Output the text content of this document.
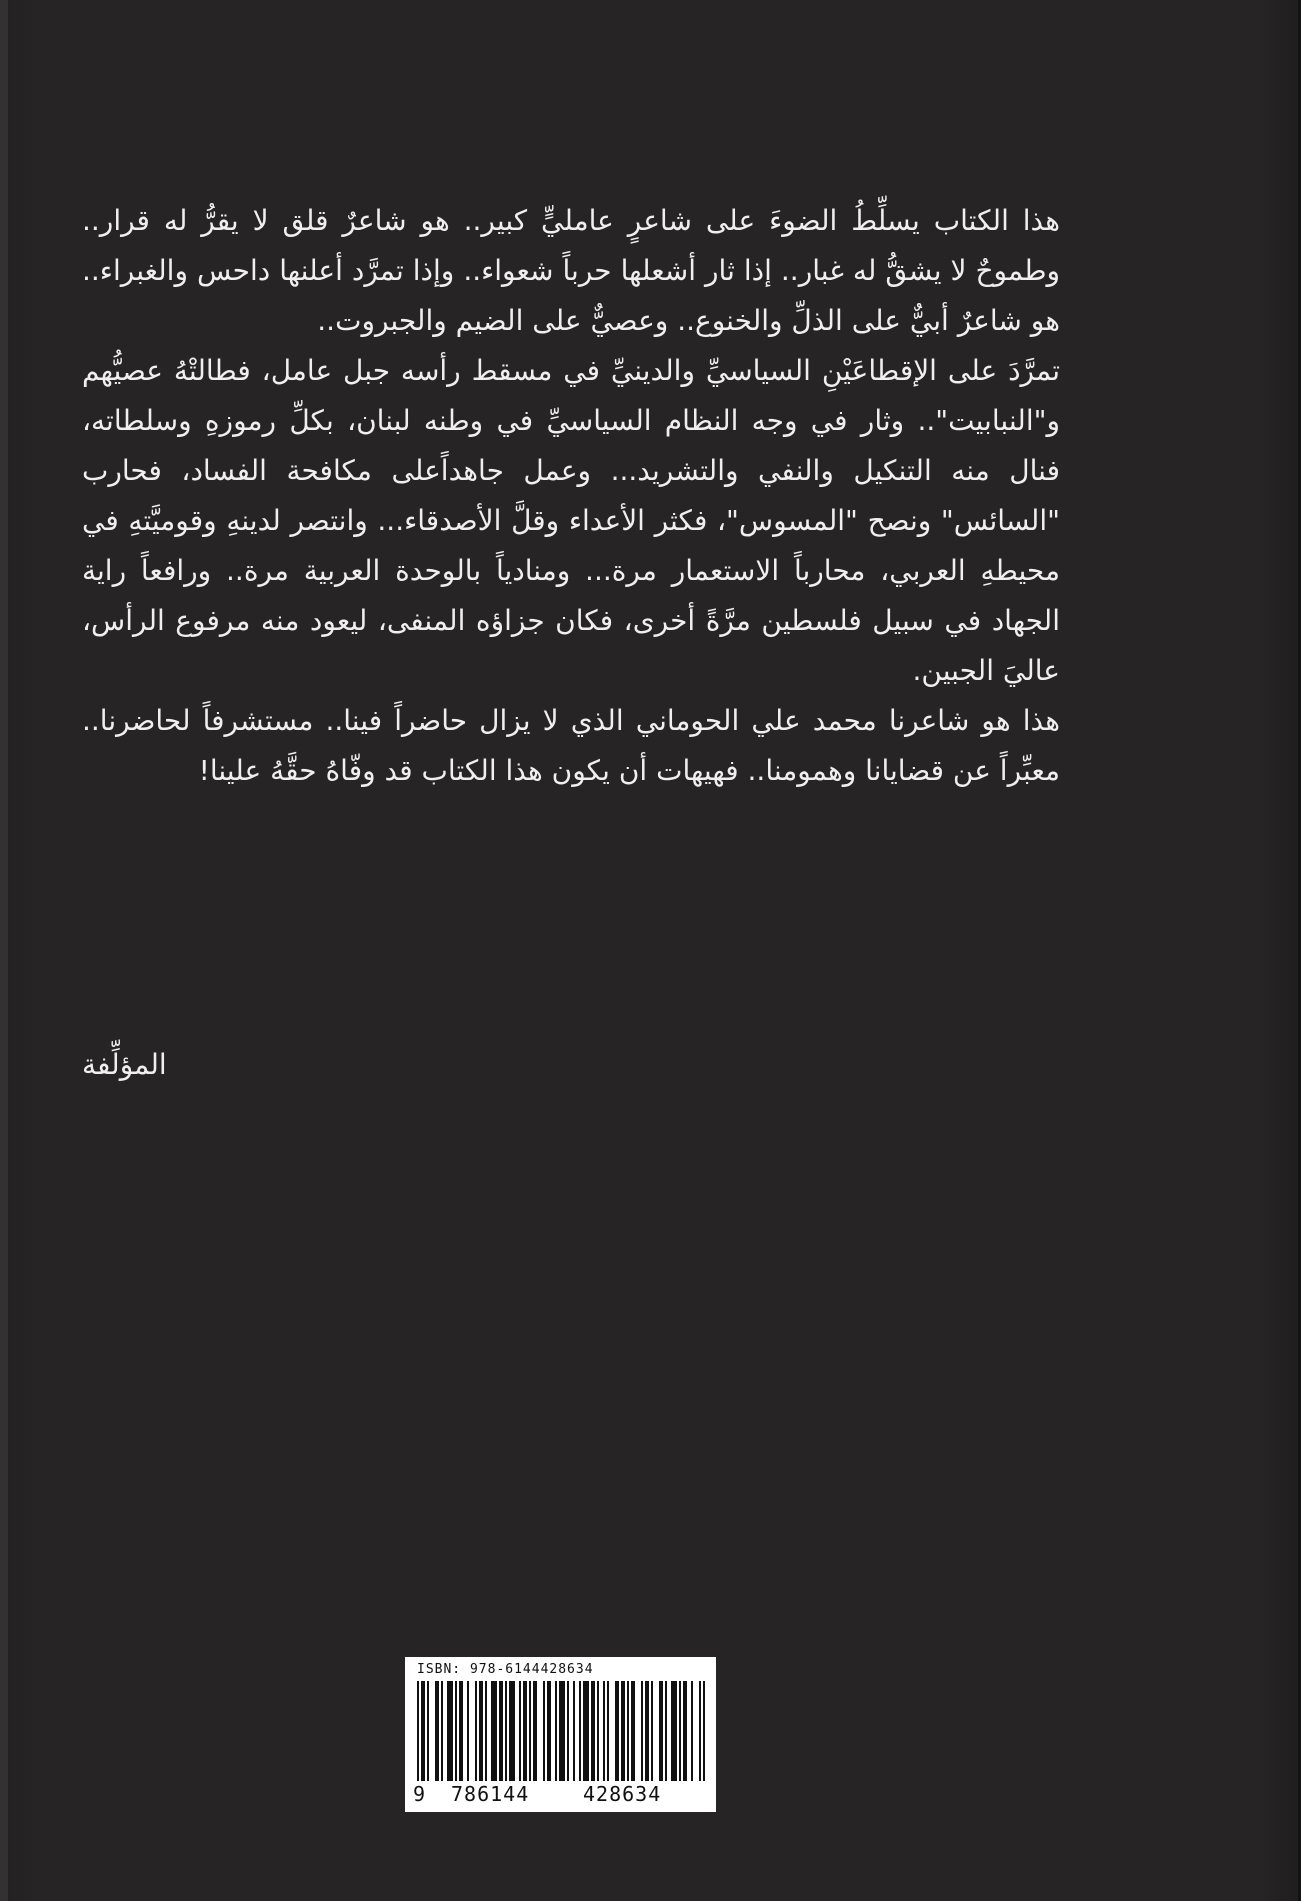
هذا الكتاب يسلِّطُ الضوءَ على شاعرٍ عامليٍّ كبير.. هو شاعرٌ قلق لا يقرُّ له قرار.. وطموحٌ لا يشقُّ له غبار.. إذا ثار أشعلها حرباً شعواء.. وإذا تمرَّد أعلنها داحس والغبراء.. هو شاعرٌ أبيٌّ على الذلِّ والخنوع.. وعصيٌّ على الضيم والجبروت..

تمرَّدَ على الإقطاعَيْنِ السياسيِّ والدينيِّ في مسقط رأسه جبل عامل، فطالتْهُ عصيُّهم و"النبابيت".. وثار في وجه النظام السياسيِّ في وطنه لبنان، بكلِّ رموزهِ وسلطاته، فنال منه التنكيل والنفي والتشريد... وعمل جاهداًعلى مكافحة الفساد، فحارب "السائس" ونصح "المسوس"، فكثر الأعداء وقلَّ الأصدقاء... وانتصر لدينهِ وقوميَّتهِ في محيطهِ العربي، محارباً الاستعمار مرة... ومنادياً بالوحدة العربية مرة.. ورافعاً راية الجهاد في سبيل فلسطين مرَّةً أخرى، فكان جزاؤه المنفى، ليعود منه مرفوع الرأس، عاليَ الجبين.

هذا هو شاعرنا محمد علي الحوماني الذي لا يزال حاضراً فينا.. مستشرفاً لحاضرنا.. معبِّراً عن قضايانا وهمومنا.. فهيهات أن يكون هذا الكتاب قد وفّاهُ حقَّهُ علينا!

المؤلِّفة
ISBN: 978-6144428634
9 786144	428634
